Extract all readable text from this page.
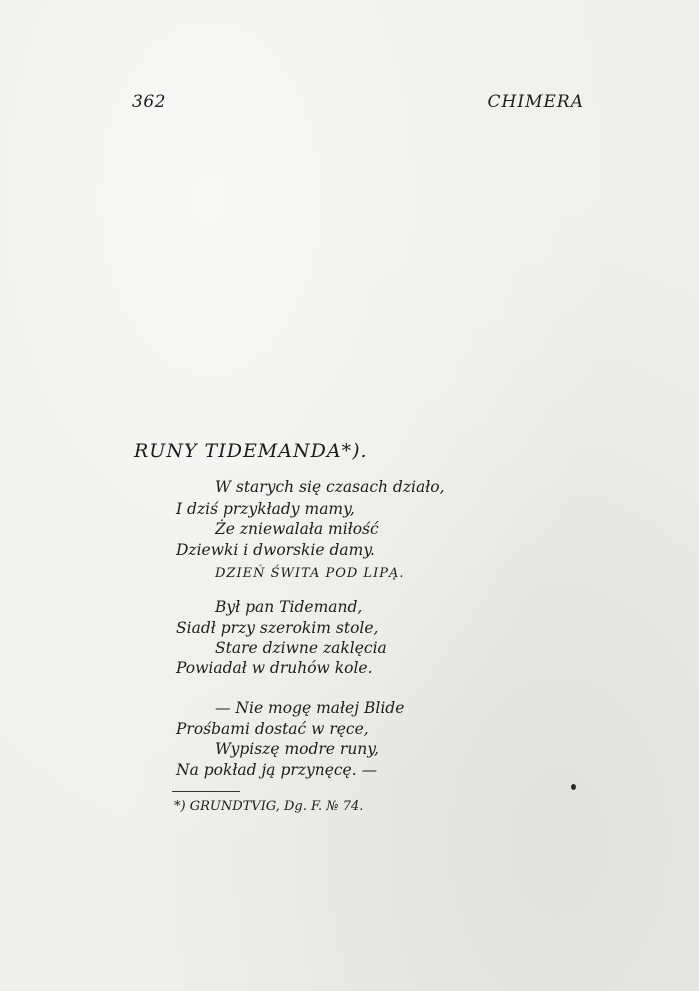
362	CHIMERA
RUNY TIDEMANDA*).
W starych się czasach działo,
I dziś przykłady mamy,
Że zniewalała miłość
Dziewki i dworskie damy.
DZIEŃ ŚWITA POD LIPĄ.
Był pan Tidemand,
Siadł przy szerokim stole,
Stare dziwne zaklęcia
Powiadał w druhów kole.
— Nie mogę małej Blide
Prośbami dostać w ręce,
Wypiszę modre runy,
Na pokład ją przynęcę. —
*) GRUNDTVIG, Dg. F. № 74.
